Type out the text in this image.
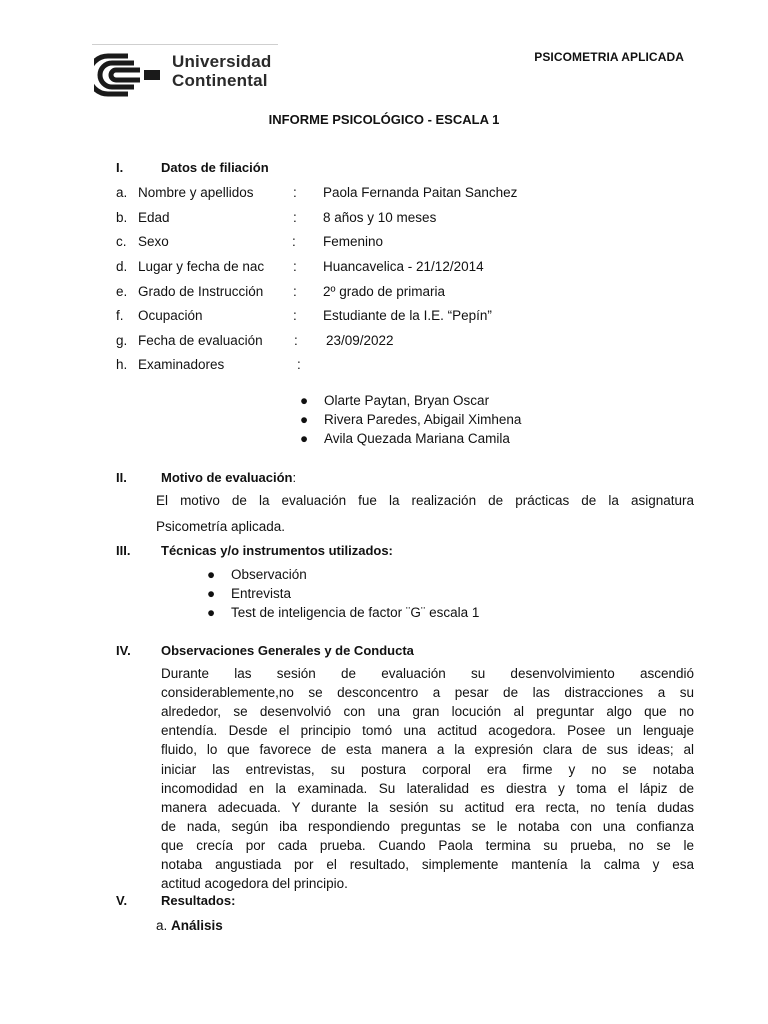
Universidad
Continental
PSICOMETRIA APLICADA
INFORME PSICOLÓGICO - ESCALA 1
I.	Datos de filiación
a. Nombre y apellidos	: Paola Fernanda Paitan Sanchez
b. Edad	: 8 años y 10 meses
c. Sexo	: Femenino
d. Lugar y fecha de nac : Huancavelica - 21/12/2014
e. Grado de Instrucción : 2º grado de primaria
f. Ocupación	: Estudiante de la I.E. “Pepín”
g. Fecha de evaluación : 23/09/2022
h. Examinadores	:
● Olarte Paytan, Bryan Oscar
● Rivera Paredes, Abigail Ximhena
● Avila Quezada Mariana Camila
II.	Motivo de evaluación:
El motivo de la evaluación fue la realización de prácticas de la asignatura
Psicometría aplicada.
III. Técnicas y/o instrumentos utilizados:
● Observación
● Entrevista
● Test de inteligencia de factor ¨G¨ escala 1
IV. Observaciones Generales y de Conducta
Durante las sesión de evaluación su desenvolvimiento ascendió
considerablemente,no se desconcentro a pesar de las distracciones a su
alrededor, se desenvolvió con una gran locución al preguntar algo que no
entendía. Desde el principio tomó una actitud acogedora. Posee un lenguaje
fluido, lo que favorece de esta manera a la expresión clara de sus ideas; al
iniciar las entrevistas, su postura corporal era firme y no se notaba
incomodidad en la examinada. Su lateralidad es diestra y toma el lápiz de
manera adecuada. Y durante la sesión su actitud era recta, no tenía dudas
de nada, según iba respondiendo preguntas se le notaba con una confianza
que crecía por cada prueba. Cuando Paola termina su prueba, no se le
notaba angustiada por el resultado, simplemente mantenía la calma y esa
actitud acogedora del principio.
V.	Resultados:
a. Análisis
